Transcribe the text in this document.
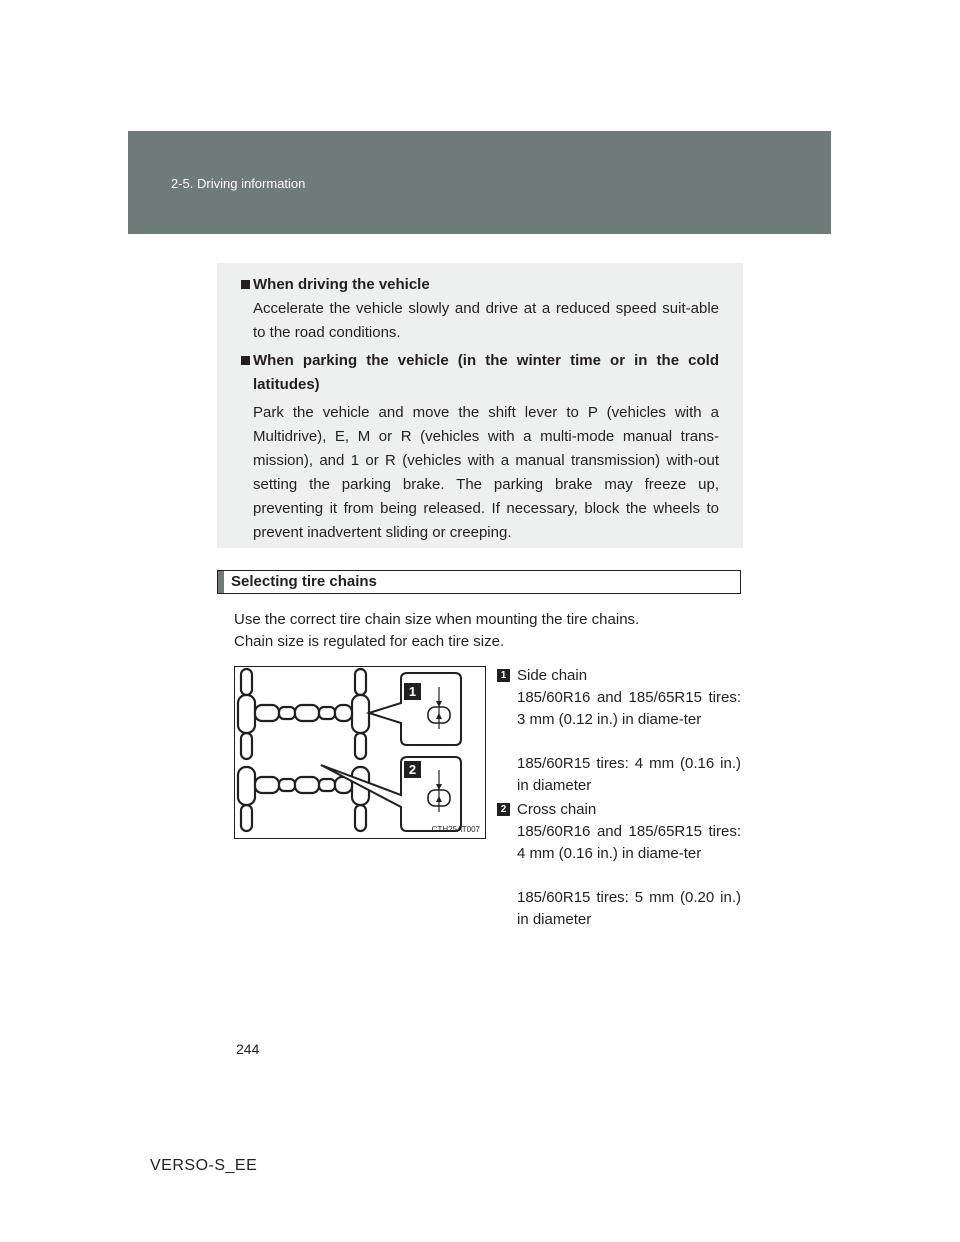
2-5. Driving information
When driving the vehicle
Accelerate the vehicle slowly and drive at a reduced speed suit-able to the road conditions.
When parking the vehicle (in the winter time or in the cold latitudes)
Park the vehicle and move the shift lever to P (vehicles with a Multidrive), E, M or R (vehicles with a multi-mode manual trans-mission), and 1 or R (vehicles with a manual transmission) with-out setting the parking brake. The parking brake may freeze up, preventing it from being released. If necessary, block the wheels to prevent inadvertent sliding or creeping.
Selecting tire chains
Use the correct tire chain size when mounting the tire chains.
Chain size is regulated for each tire size.
1
2
CTH25AT007
1 Side chain
185/60R16 and 185/65R15 tires: 3 mm (0.12 in.) in diame-ter
185/60R15 tires: 4 mm (0.16 in.) in diameter
2 Cross chain
185/60R16 and 185/65R15 tires: 4 mm (0.16 in.) in diame-ter
185/60R15 tires: 5 mm (0.20 in.) in diameter
244
VERSO-S_EE
